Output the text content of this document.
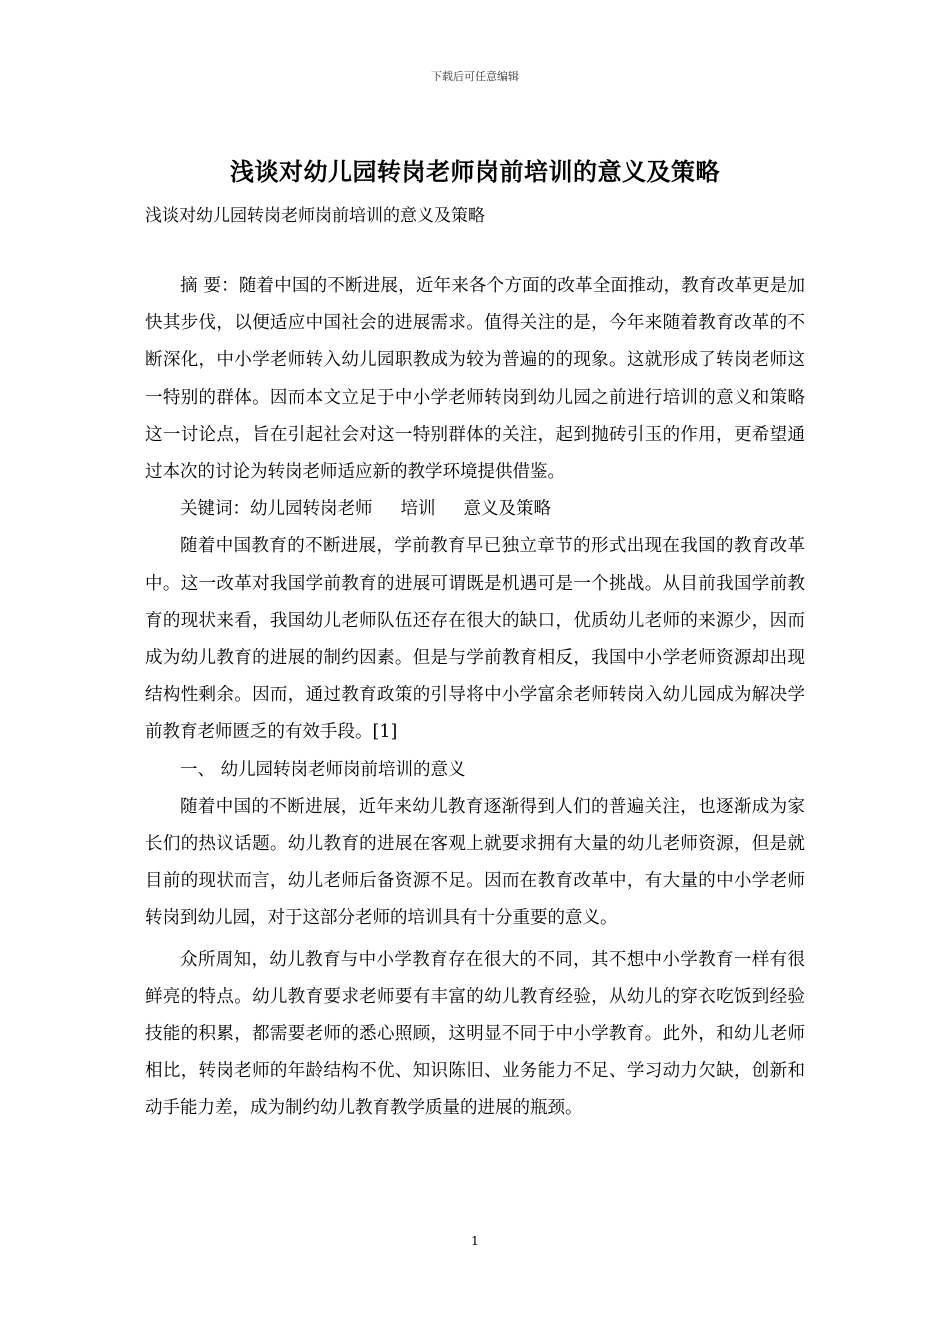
下载后可任意编辑
浅谈对幼儿园转岗老师岗前培训的意义及策略
浅谈对幼儿园转岗老师岗前培训的意义及策略

摘 要：随着中国的不断进展，近年来各个方面的改革全面推动，教育改革更是加快其步伐，以便适应中国社会的进展需求。值得关注的是，今年来随着教育改革的不断深化，中小学老师转入幼儿园职教成为较为普遍的的现象。这就形成了转岗老师这一特别的群体。因而本文立足于中小学老师转岗到幼儿园之前进行培训的意义和策略这一讨论点，旨在引起社会对这一特别群体的关注，起到抛砖引玉的作用，更希望通过本次的讨论为转岗老师适应新的教学环境提供借鉴。

关键词：幼儿园转岗老师 培训 意义及策略

随着中国教育的不断进展，学前教育早已独立章节的形式出现在我国的教育改革中。这一改革对我国学前教育的进展可谓既是机遇可是一个挑战。从目前我国学前教育的现状来看，我国幼儿老师队伍还存在很大的缺口，优质幼儿老师的来源少，因而成为幼儿教育的进展的制约因素。但是与学前教育相反，我国中小学老师资源却出现结构性剩余。因而，通过教育政策的引导将中小学富余老师转岗入幼儿园成为解决学前教育老师匮乏的有效手段。[1]

一、 幼儿园转岗老师岗前培训的意义

随着中国的不断进展，近年来幼儿教育逐渐得到人们的普遍关注，也逐渐成为家长们的热议话题。幼儿教育的进展在客观上就要求拥有大量的幼儿老师资源，但是就目前的现状而言，幼儿老师后备资源不足。因而在教育改革中，有大量的中小学老师转岗到幼儿园，对于这部分老师的培训具有十分重要的意义。

众所周知，幼儿教育与中小学教育存在很大的不同，其不想中小学教育一样有很鲜亮的特点。幼儿教育要求老师要有丰富的幼儿教育经验，从幼儿的穿衣吃饭到经验技能的积累，都需要老师的悉心照顾，这明显不同于中小学教育。此外，和幼儿老师相比，转岗老师的年龄结构不优、知识陈旧、业务能力不足、学习动力欠缺，创新和动手能力差，成为制约幼儿教育教学质量的进展的瓶颈。

1
